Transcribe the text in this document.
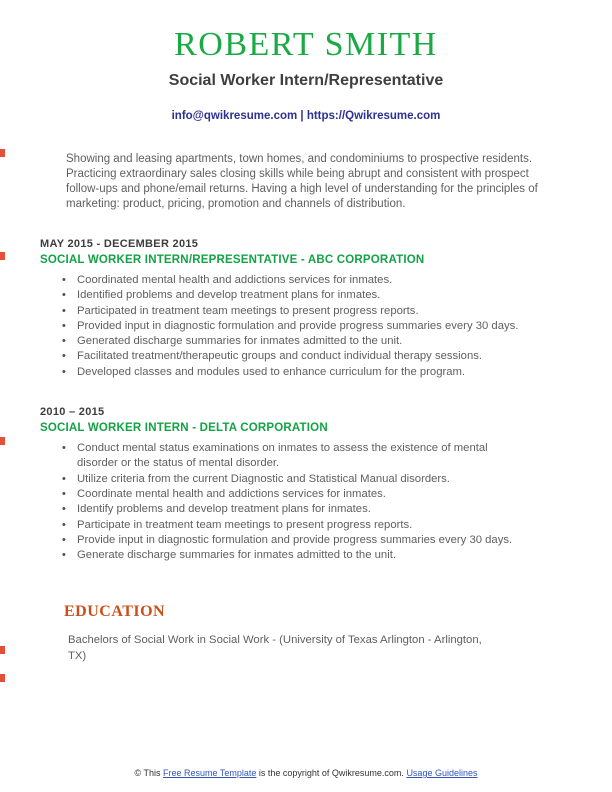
ROBERT SMITH
Social Worker Intern/Representative
info@qwikresume.com | https://Qwikresume.com

Showing and leasing apartments, town homes, and condominiums to prospective residents. Practicing extraordinary sales closing skills while being abrupt and consistent with prospect follow-ups and phone/email returns. Having a high level of understanding for the principles of marketing: product, pricing, promotion and channels of distribution.

MAY 2015 - DECEMBER 2015
SOCIAL WORKER INTERN/REPRESENTATIVE - ABC CORPORATION
• Coordinated mental health and addictions services for inmates.
• Identified problems and develop treatment plans for inmates.
• Participated in treatment team meetings to present progress reports.
• Provided input in diagnostic formulation and provide progress summaries every 30 days.
• Generated discharge summaries for inmates admitted to the unit.
• Facilitated treatment/therapeutic groups and conduct individual therapy sessions.
• Developed classes and modules used to enhance curriculum for the program.
2010 – 2015
SOCIAL WORKER INTERN - DELTA CORPORATION
• Conduct mental status examinations on inmates to assess the existence of mental disorder or the status of mental disorder.
• Utilize criteria from the current Diagnostic and Statistical Manual disorders.
• Coordinate mental health and addictions services for inmates.
• Identify problems and develop treatment plans for inmates.
• Participate in treatment team meetings to present progress reports.
• Provide input in diagnostic formulation and provide progress summaries every 30 days.
• Generate discharge summaries for inmates admitted to the unit.
EDUCATION

Bachelors of Social Work in Social Work - (University of Texas Arlington - Arlington, TX)

© This Free Resume Template is the copyright of Qwikresume.com. Usage Guidelines
